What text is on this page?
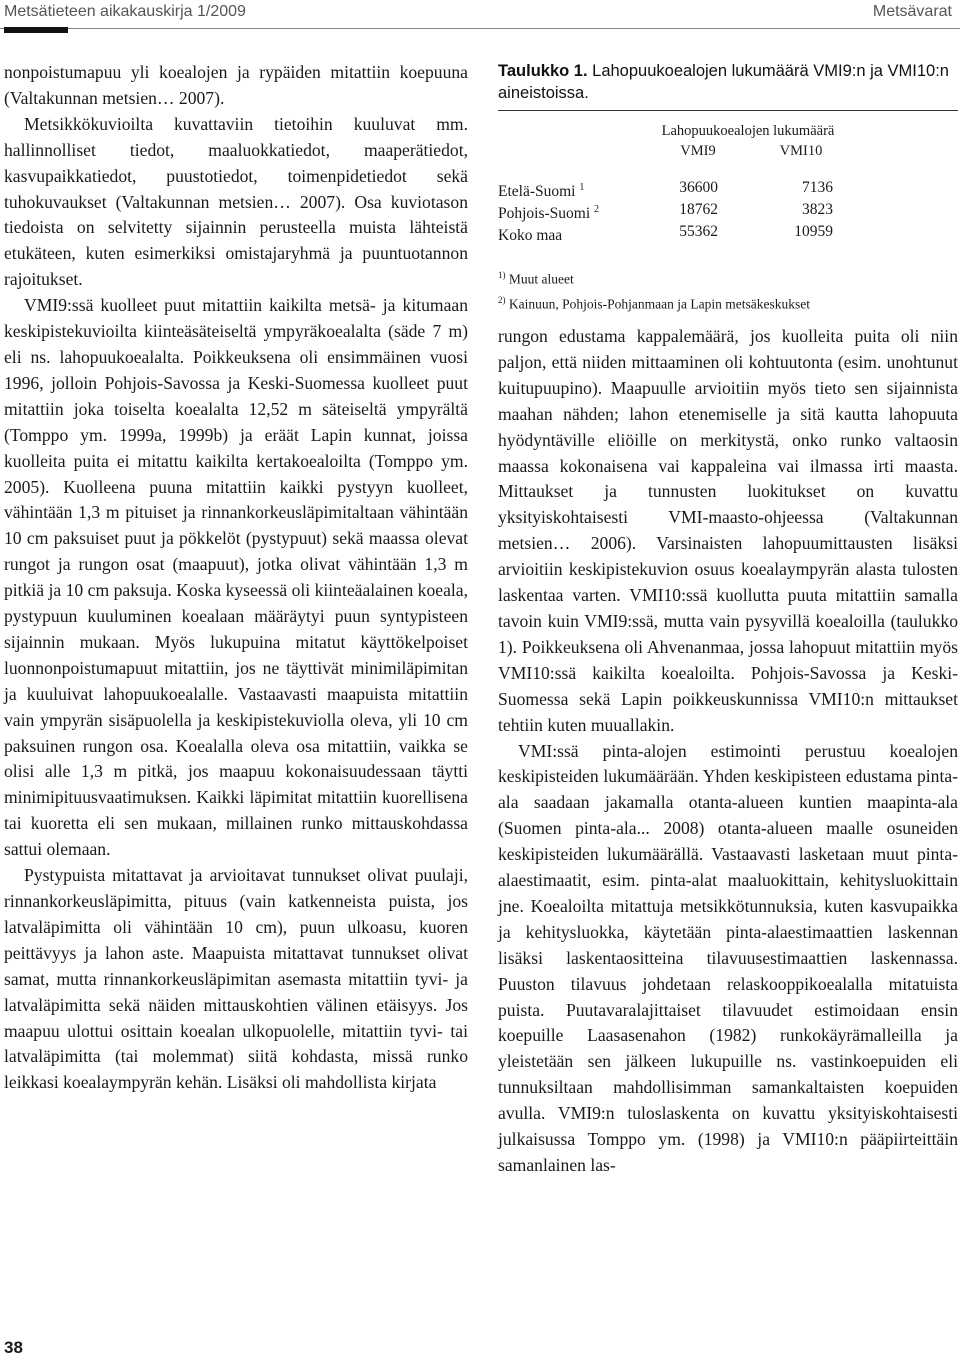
Metsätieteen aikakauskirja 1/2009	Metsävarat

nonpoistumapuu yli koealojen ja rypäiden mitattiin koepuuna (Valtakunnan metsien… 2007).

Metsikkökuvioilta kuvattaviin tietoihin kuuluvat mm. hallinnolliset tiedot, maaluokkatiedot, maaperätiedot, kasvupaikkatiedot, puustotiedot, toimenpidetiedot sekä tuhokuvaukset (Valtakunnan metsien… 2007). Osa kuviotason tiedoista on selvitetty sijainnin perusteella muista lähteistä etukäteen, kuten esimerkiksi omistajaryhmä ja puuntuotannon rajoitukset.

VMI9:ssä kuolleet puut mitattiin kaikilta metsä- ja kitumaan keskipistekuvioilta kiinteäsäteiseltä ympyräkoealalta (säde 7 m) eli ns. lahopuukoealalta. Poikkeuksena oli ensimmäinen vuosi 1996, jolloin Pohjois-Savossa ja Keski-Suomessa kuolleet puut mitattiin joka toiselta koealalta 12,52 m säteiseltä ympyrältä (Tomppo ym. 1999a, 1999b) ja eräät Lapin kunnat, joissa kuolleita puita ei mitattu kaikilta kertakoealoilta (Tomppo ym. 2005). Kuolleena puuna mitattiin kaikki pystyyn kuolleet, vähintään 1,3 m pituiset ja rinnankorkeusläpimitaltaan vähintään 10 cm paksuiset puut ja pökkelöt (pystypuut) sekä maassa olevat rungot ja rungon osat (maapuut), jotka olivat vähintään 1,3 m pitkiä ja 10 cm paksuja. Koska kyseessä oli kiinteäalainen koeala, pystypuun kuuluminen koealaan määräytyi puun syntypisteen sijainnin mukaan. Myös lukupuina mitatut käyttökelpoiset luonnonpoistumapuut mitattiin, jos ne täyttivät minimiläpimitan ja kuuluivat lahopuukoealalle. Vastaavasti maapuista mitattiin vain ympyrän sisäpuolella ja keskipistekuviolla oleva, yli 10 cm paksuinen rungon osa. Koealalla oleva osa mitattiin, vaikka se olisi alle 1,3 m pitkä, jos maapuu kokonaisuudessaan täytti minimipituusvaatimuksen. Kaikki läpimitat mitattiin kuorellisena tai kuoretta eli sen mukaan, millainen runko mittauskohdassa sattui olemaan.

Pystypuista mitattavat ja arvioitavat tunnukset olivat puulaji, rinnankorkeusläpimitta, pituus (vain katkenneista puista, jos latvaläpimitta oli vähintään 10 cm), puun ulkoasu, kuoren peittävyys ja lahon aste. Maapuista mitattavat tunnukset olivat samat, mutta rinnankorkeusläpimitan asemasta mitattiin tyvi- ja latvaläpimitta sekä näiden mittauskohtien välinen etäisyys. Jos maapuu ulottui osittain koealan ulkopuolelle, mitattiin tyvi- tai latvaläpimitta (tai molemmat) siitä kohdasta, missä runko leikkasi koealaympyrän kehän. Lisäksi oli mahdollista kirjata

Taulukko 1. Lahopuukoealojen lukumäärä VMI9:n ja VMI10:n aineistoissa.
Lahopuukoealojen lukumäärä
VMI9	VMI10
Etelä-Suomi $^1$	36600	7136
Pohjois-Suomi $^2$	18762	3823
Koko maa	55362	10959
$^{1)}$ Muut alueet
$^{2)}$ Kainuun, Pohjois-Pohjanmaan ja Lapin metsäkeskukset

rungon edustama kappalemäärä, jos kuolleita puita oli niin paljon, että niiden mittaaminen oli kohtuutonta (esim. unohtunut kuitupuupino). Maapuulle arvioitiin myös tieto sen sijainnista maahan nähden; lahon etenemiselle ja sitä kautta lahopuuta hyödyntäville eliöille on merkitystä, onko runko valtaosin maassa kokonaisena vai kappaleina vai ilmassa irti maasta. Mittaukset ja tunnusten luokitukset on kuvattu yksityiskohtaisesti VMI-maasto-ohjeessa (Valtakunnan metsien… 2006). Varsinaisten lahopuumittausten lisäksi arvioitiin keskipistekuvion osuus koealaympyrän alasta tulosten laskentaa varten. VMI10:ssä kuollutta puuta mitattiin samalla tavoin kuin VMI9:ssä, mutta vain pysyvillä koealoilla (taulukko 1). Poikkeuksena oli Ahvenanmaa, jossa lahopuut mitattiin myös VMI10:ssä kaikilta koealoilta. Pohjois-Savossa ja Keski-Suomessa sekä Lapin poikkeuskunnissa VMI10:n mittaukset tehtiin kuten muuallakin.

VMI:ssä pinta-alojen estimointi perustuu koealojen keskipisteiden lukumäärään. Yhden keskipisteen edustama pinta-ala saadaan jakamalla otanta-alueen kuntien maapinta-ala (Suomen pinta-ala... 2008) otanta-alueen maalle osuneiden keskipisteiden lukumäärällä. Vastaavasti lasketaan muut pinta-alaestimaatit, esim. pinta-alat maaluokittain, kehitysluokittain jne. Koealoilta mitattuja metsikkötunnuksia, kuten kasvupaikka ja kehitysluokka, käytetään pinta-alaestimaattien laskennan lisäksi laskentaositteina tilavuusestimaattien laskennassa. Puuston tilavuus johdetaan relaskooppikoealalla mitatuista puista. Puutavaralajittaiset tilavuudet estimoidaan ensin koepuille Laasasenahon (1982) runkokäyrämalleilla ja yleistetään sen jälkeen lukupuille ns. vastinkoepuiden eli tunnuksiltaan mahdollisimman samankaltaisten koepuiden avulla. VMI9:n tuloslaskenta on kuvattu yksityiskohtaisesti julkaisussa Tomppo ym. (1998) ja VMI10:n pääpiirteittäin samanlainen las-

38
